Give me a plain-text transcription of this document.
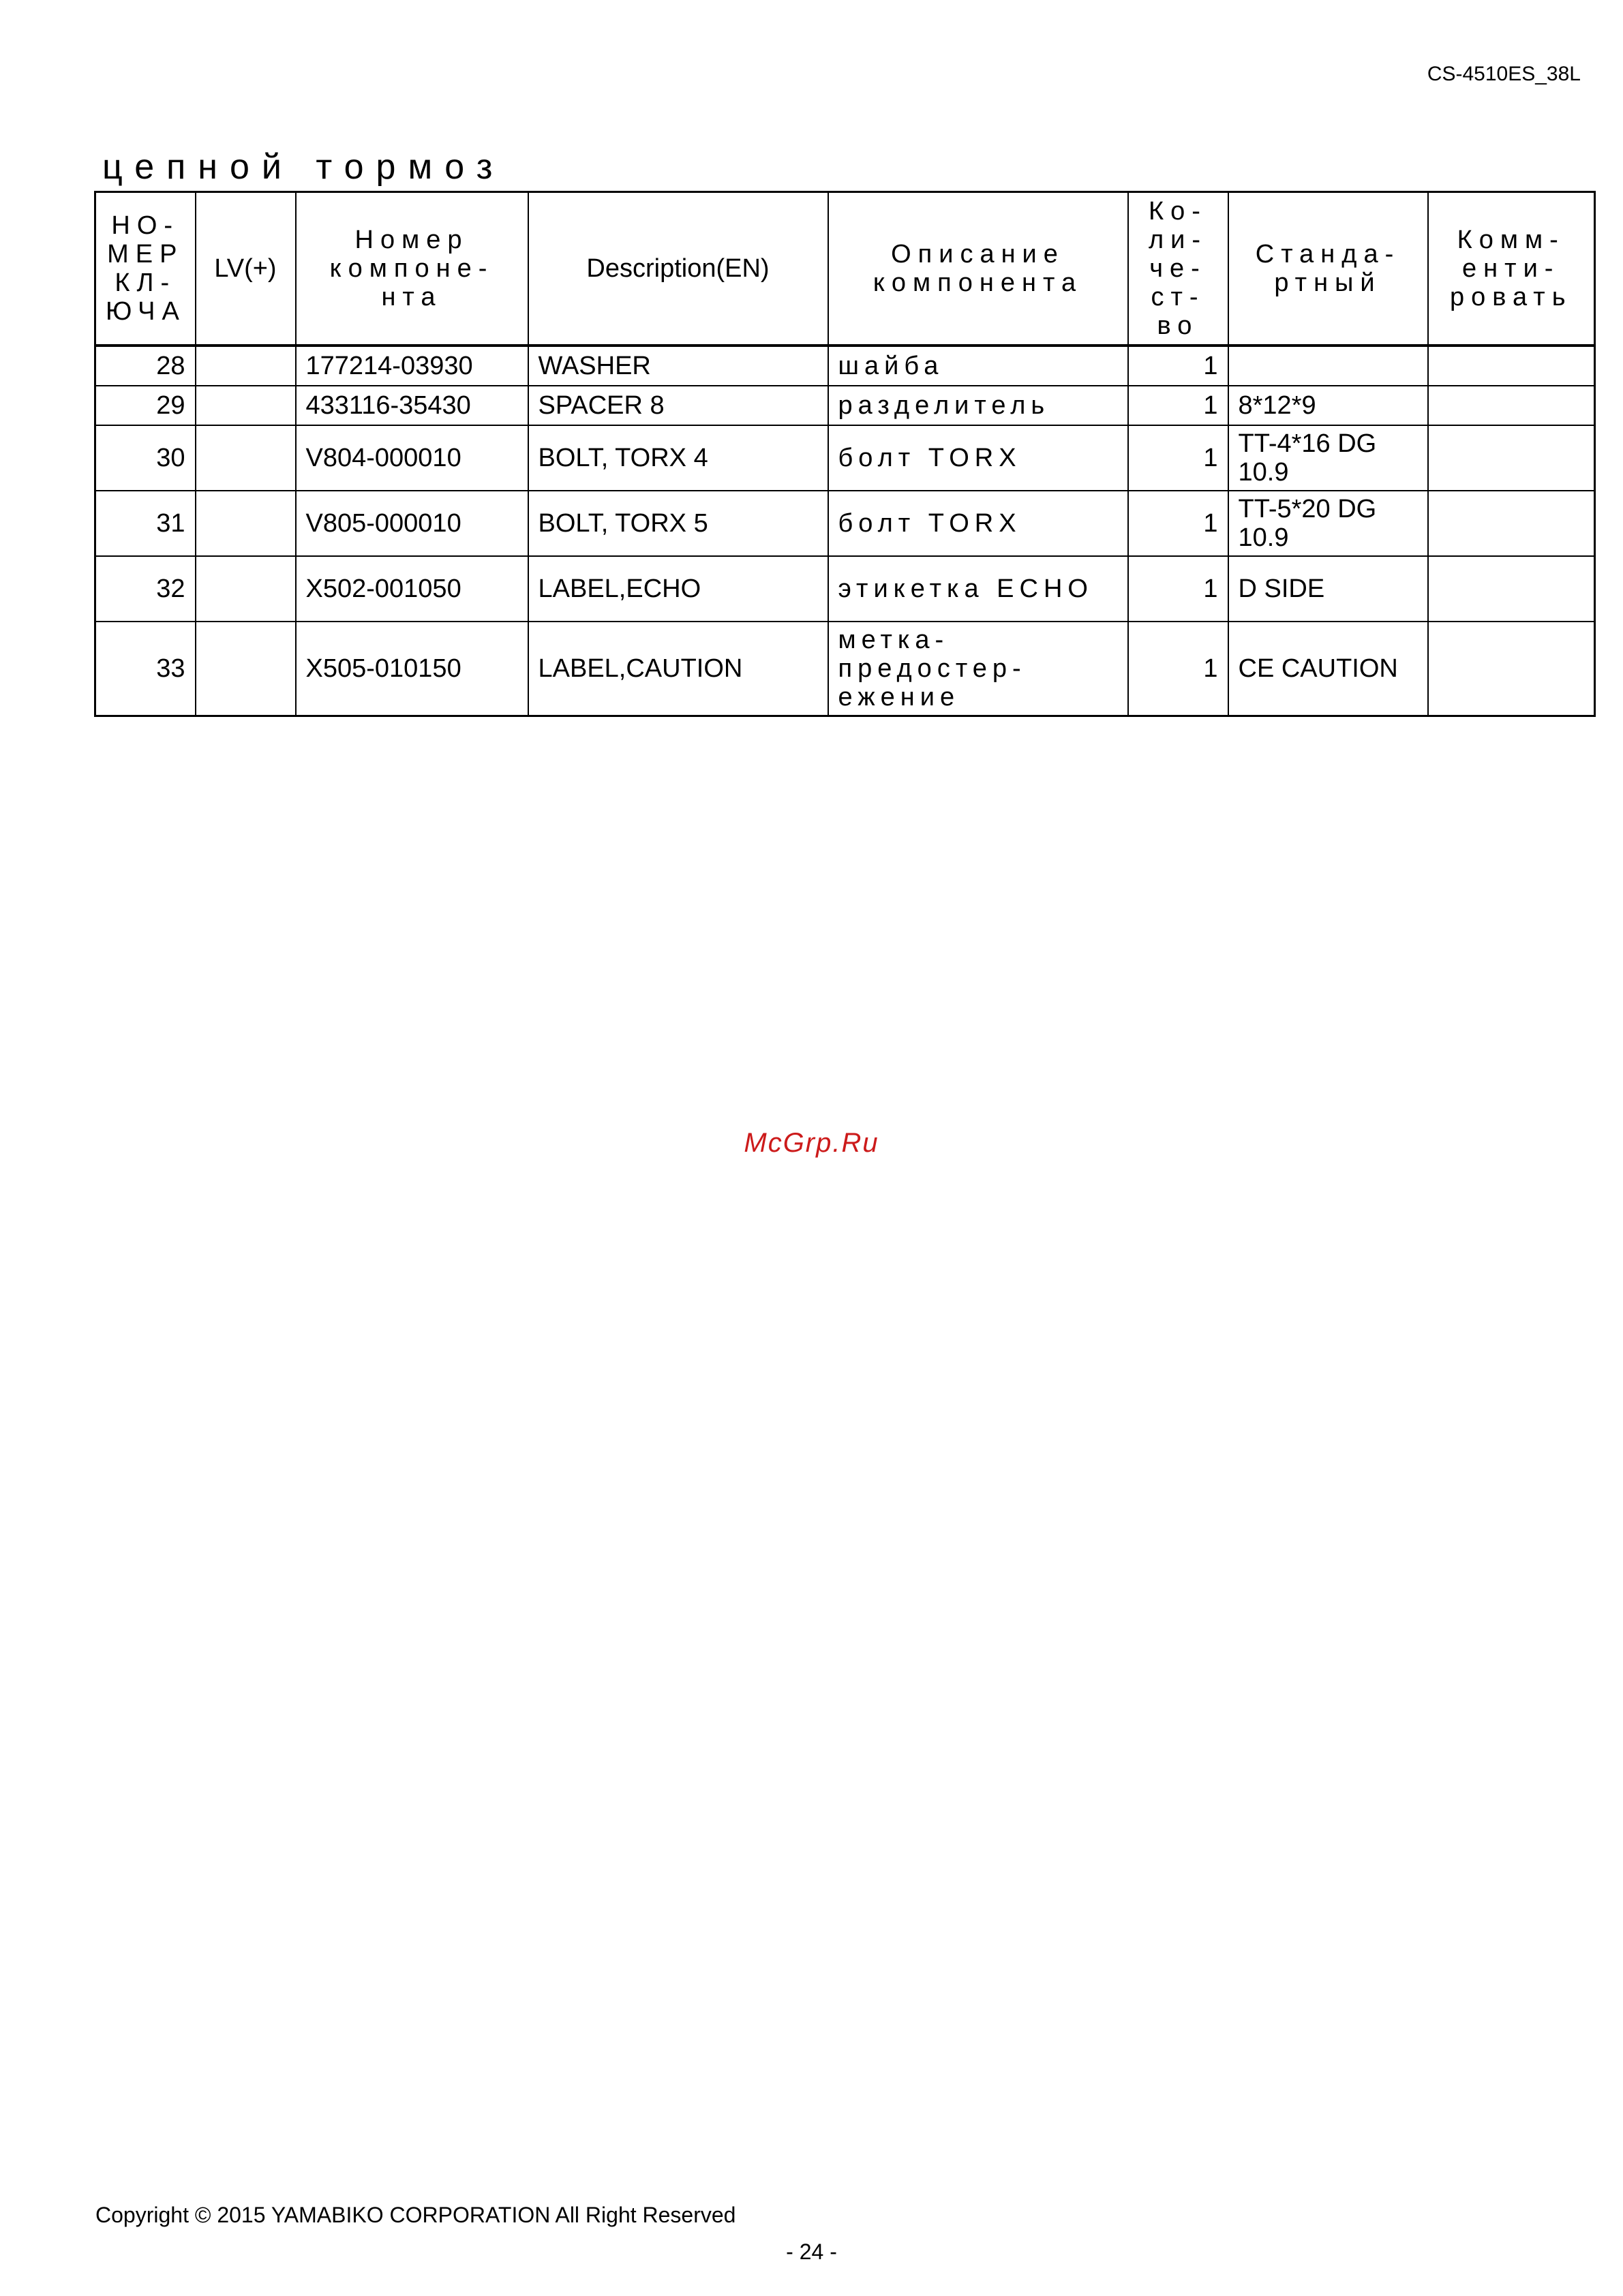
CS-4510ES_38L
цепной тормоз
НО-МЕР КЛ-ЮЧА	LV(+)	Номер компоне-нта	Description(EN)	Описание компонента	Ко-ли-че-ст-во	Станда-ртный	Комм-енти-ровать
28		177214-03930	WASHER	шайба	1		
29		433116-35430	SPACER 8	разделитель	1	8*12*9	
30		V804-000010	BOLT, TORX 4	болт TORX	1	TT-4*16 DG 10.9	
31		V805-000010	BOLT, TORX 5	болт TORX	1	TT-5*20 DG 10.9	
32		X502-001050	LABEL,ECHO	этикетка ECHO	1	D SIDE	
33		X505-010150	LABEL,CAUTION	метка-предостер-ежение	1	CE CAUTION	
McGrp.Ru
Copyright © 2015 YAMABIKO CORPORATION All Right Reserved
- 24 -
